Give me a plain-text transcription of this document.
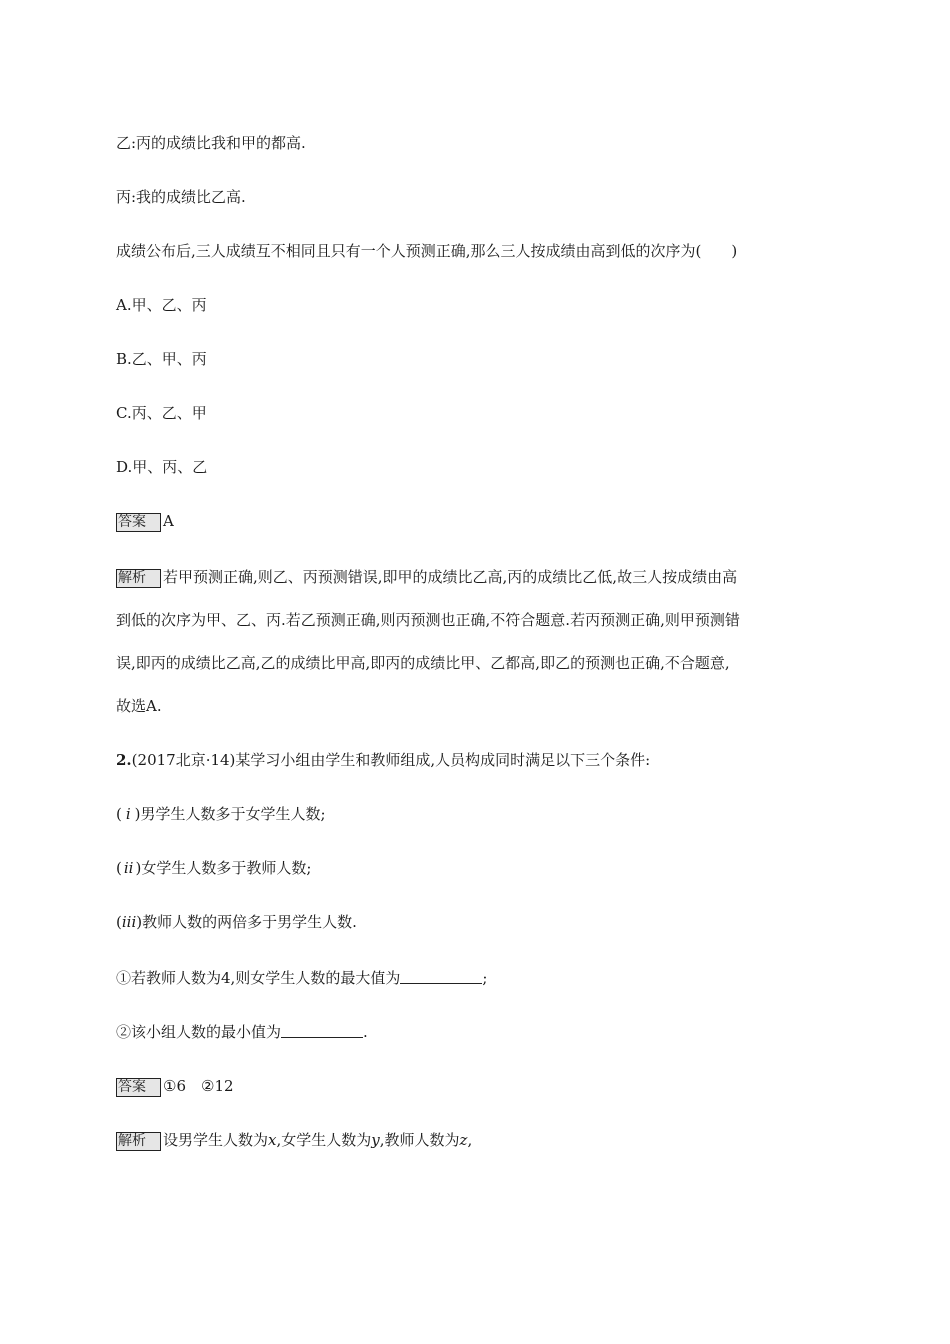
乙:丙的成绩比我和甲的都高.
丙:我的成绩比乙高.
成绩公布后,三人成绩互不相同且只有一个人预测正确,那么三人按成绩由高到低的次序为(　　)
A.甲、乙、丙
B.乙、甲、丙
C.丙、乙、甲
D.甲、丙、乙
答案 A
解析 若甲预测正确,则乙、丙预测错误,即甲的成绩比乙高,丙的成绩比乙低,故三人按成绩由高
到低的次序为甲、乙、丙.若乙预测正确,则丙预测也正确,不符合题意.若丙预测正确,则甲预测错
误,即丙的成绩比乙高,乙的成绩比甲高,即丙的成绩比甲、乙都高,即乙的预测也正确,不合题意,
故选A.
2.(2017北京·14)某学习小组由学生和教师组成,人员构成同时满足以下三个条件:
( i )男学生人数多于女学生人数;
( ii )女学生人数多于教师人数;
(iii)教师人数的两倍多于男学生人数.
①若教师人数为4,则女学生人数的最大值为	;
②该小组人数的最小值为	.
答案 ①6　②12
解析 设男学生人数为x,女学生人数为y,教师人数为z,
